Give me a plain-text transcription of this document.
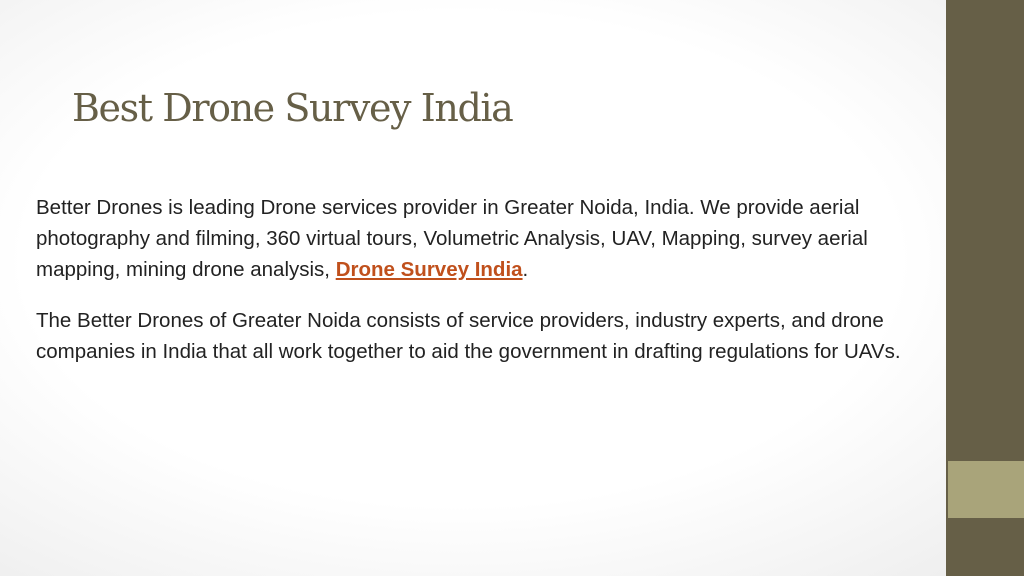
Best Drone Survey India

Better Drones is leading Drone services provider in Greater Noida, India. We provide aerial photography and filming, 360 virtual tours, Volumetric Analysis, UAV, Mapping, survey aerial mapping, mining drone analysis, Drone Survey India.

The Better Drones of Greater Noida consists of service providers, industry experts, and drone companies in India that all work together to aid the government in drafting regulations for UAVs.
